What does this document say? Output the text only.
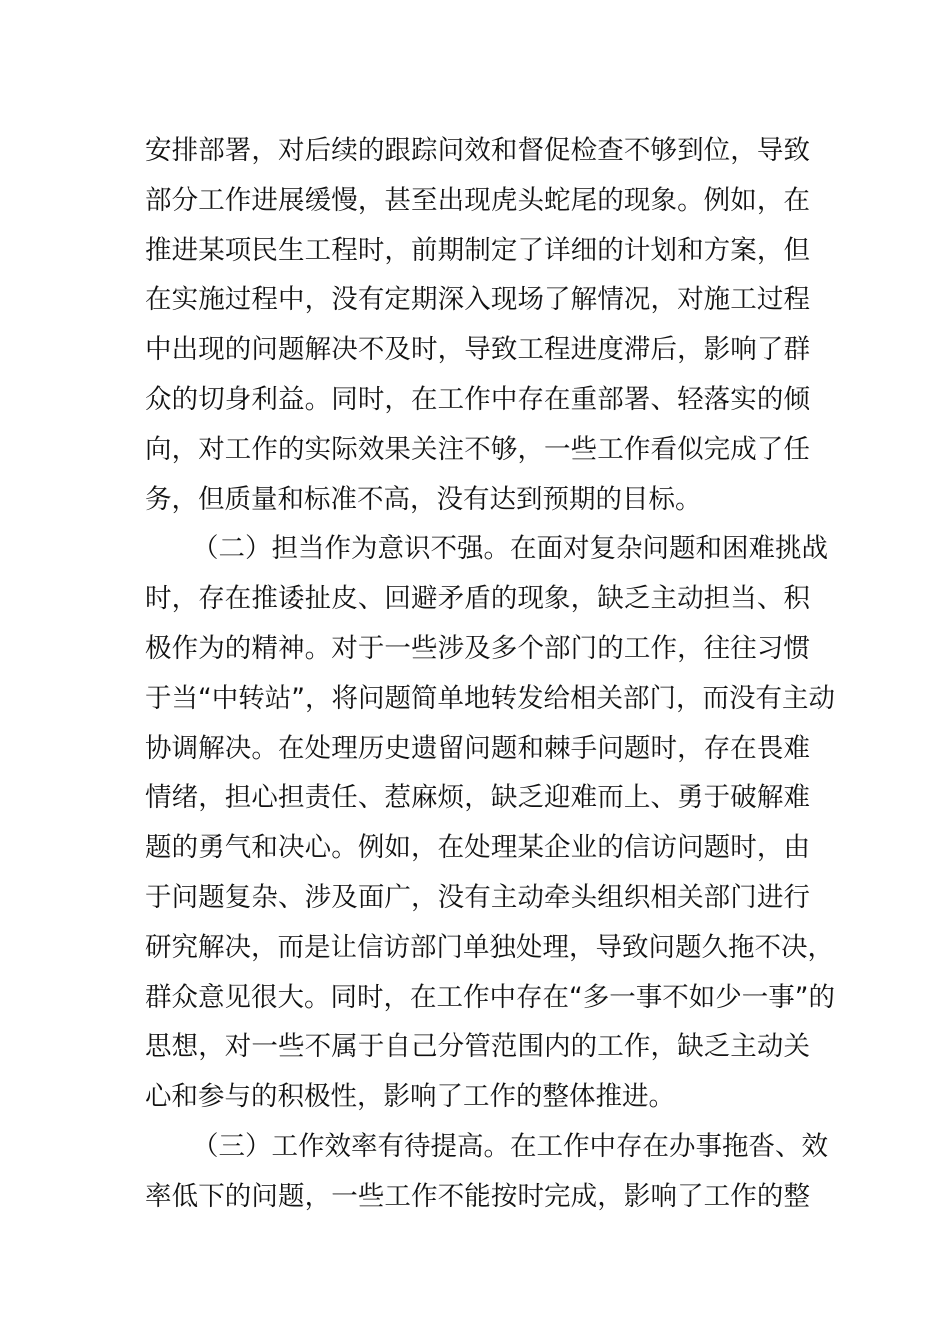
安排部署，对后续的跟踪问效和督促检查不够到位，导致
部分工作进展缓慢，甚至出现虎头蛇尾的现象。例如，在
推进某项民生工程时，前期制定了详细的计划和方案，但
在实施过程中，没有定期深入现场了解情况，对施工过程
中出现的问题解决不及时，导致工程进度滞后，影响了群
众的切身利益。同时，在工作中存在重部署、轻落实的倾
向，对工作的实际效果关注不够，一些工作看似完成了任
务，但质量和标准不高，没有达到预期的目标。
（二）担当作为意识不强。在面对复杂问题和困难挑战
时，存在推诿扯皮、回避矛盾的现象，缺乏主动担当、积
极作为的精神。对于一些涉及多个部门的工作，往往习惯
于当“中转站”，将问题简单地转发给相关部门，而没有主动
协调解决。在处理历史遗留问题和棘手问题时，存在畏难
情绪，担心担责任、惹麻烦，缺乏迎难而上、勇于破解难
题的勇气和决心。例如，在处理某企业的信访问题时，由
于问题复杂、涉及面广，没有主动牵头组织相关部门进行
研究解决，而是让信访部门单独处理，导致问题久拖不决，
群众意见很大。同时，在工作中存在“多一事不如少一事”的
思想，对一些不属于自己分管范围内的工作，缺乏主动关
心和参与的积极性，影响了工作的整体推进。
（三）工作效率有待提高。在工作中存在办事拖沓、效
率低下的问题，一些工作不能按时完成，影响了工作的整
